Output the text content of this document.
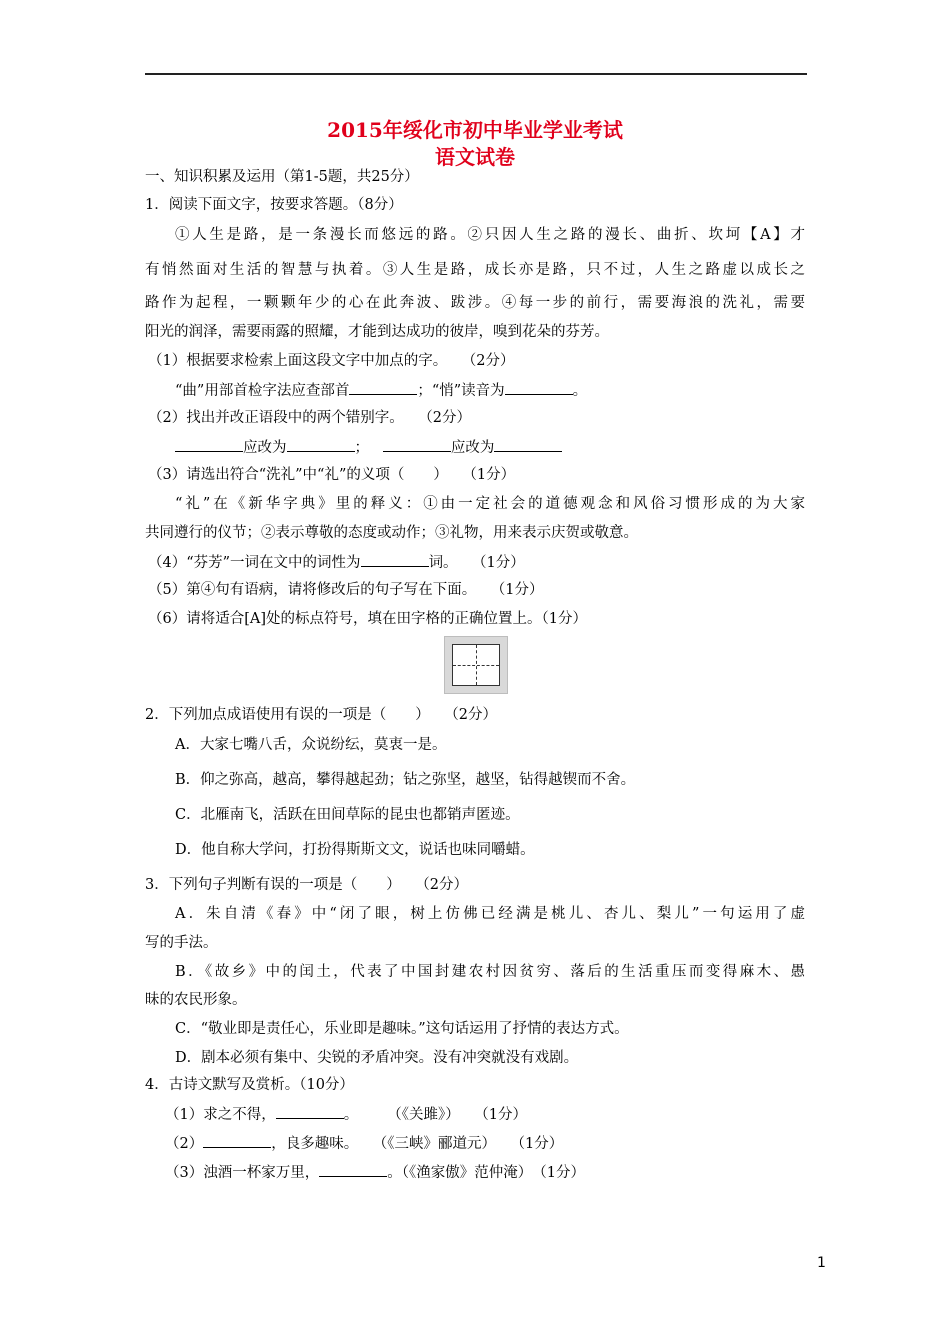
2015年绥化市初中毕业学业考试
语文试卷
一、知识积累及运用（第1-5题，共25分）
1．阅读下面文字，按要求答题。（8分）
①人生是路，是一条漫长而悠远的路。②只因人生之路的漫长、曲折、坎坷【A】才
有悄然面对生活的智慧与执着。③人生是路，成长亦是路，只不过，人生之路虚以成长之
路作为起程，一颗颗年少的心在此奔波、跋涉。④每一步的前行，需要海浪的洗礼，需要
阳光的润泽，需要雨露的照耀，才能到达成功的彼岸，嗅到花朵的芬芳。
（1）根据要求检索上面这段文字中加点的字。　　（2分）
“曲”用部首检字法应查部首	；“悄”读音为	。
（2）找出并改正语段中的两个错别字。　　（2分）
应改为	；	应改为
（3）请选出符合“洗礼”中“礼”的义项（　　）　　（1分）
“礼”在《新华字典》里的释义：①由一定社会的道德观念和风俗习惯形成的为大家
共同遵行的仪节；②表示尊敬的态度或动作；③礼物，用来表示庆贺或敬意。
（4）“芬芳”一词在文中的词性为	词。　　（1分）
（5）第④句有语病，请将修改后的句子写在下面。　　（1分）
（6）请将适合[A]处的标点符号，填在田字格的正确位置上。（1分）
2．下列加点成语使用有误的一项是（　　）　　（2分）
A．大家七嘴八舌，众说纷纭，莫衷一是。
B．仰之弥高，越高，攀得越起劲；钻之弥坚，越坚，钻得越锲而不舍。
C．北雁南飞，活跃在田间草际的昆虫也都销声匿迹。
D．他自称大学问，打扮得斯斯文文，说话也味同嚼蜡。
3．下列句子判断有误的一项是（　　）　　（2分）
A．朱自清《春》中“闭了眼，树上仿佛已经满是桃儿、杏儿、梨儿”一句运用了虚
写的手法。
B．《故乡》中的闰土，代表了中国封建农村因贫穷、落后的生活重压而变得麻木、愚
昧的农民形象。
C．“敬业即是责任心，乐业即是趣味。”这句话运用了抒情的表达方式。
D．剧本必须有集中、尖锐的矛盾冲突。没有冲突就没有戏剧。
4．古诗文默写及赏析。（10分）
（1）求之不得，	。　　　（《关雎》）　　（1分）
（2）	，良多趣味。　　（《三峡》郦道元）　　（1分）
（3）浊酒一杯家万里，	。（《渔家傲》范仲淹）　（1分）
1
